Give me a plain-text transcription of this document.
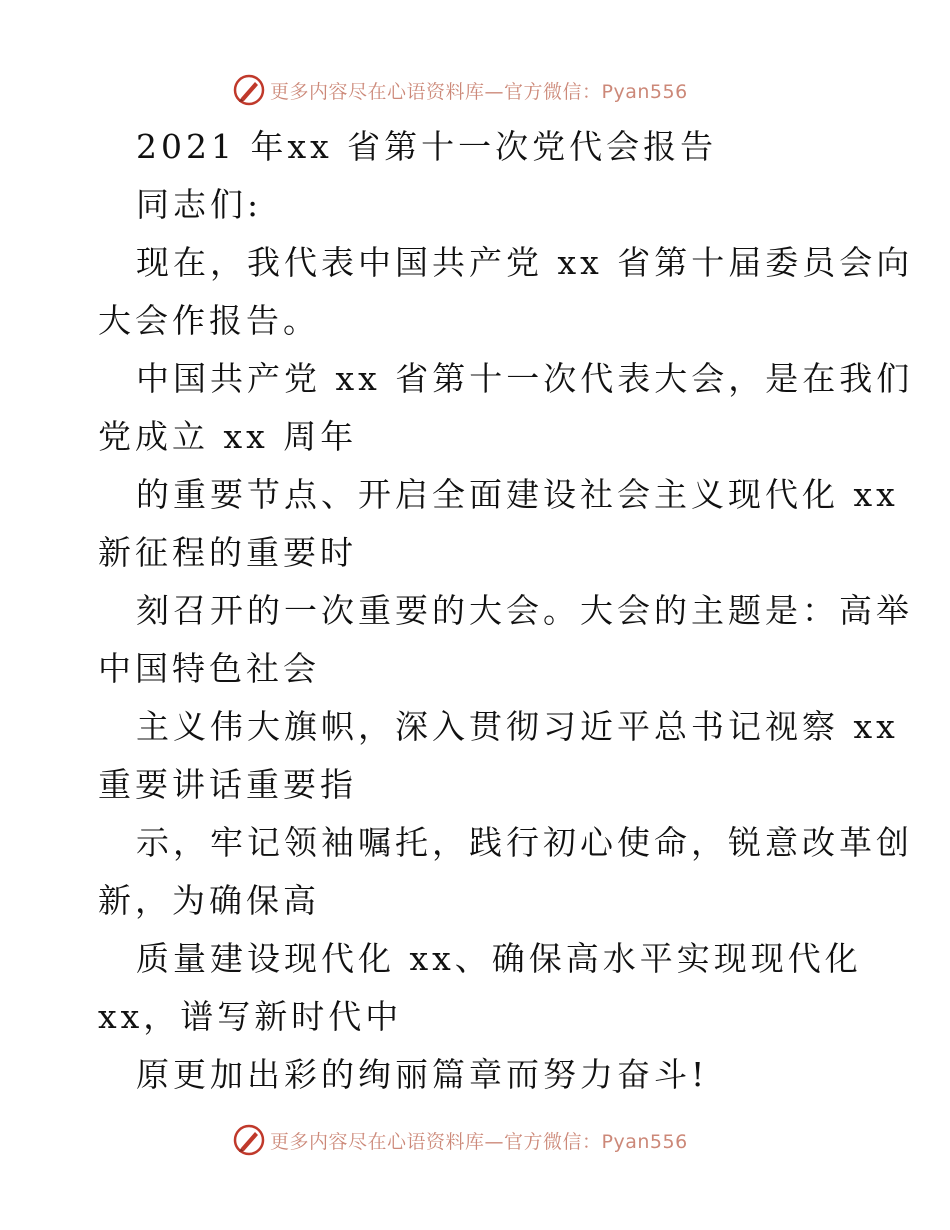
更多内容尽在心语资料库—官方微信：Pyan556
2021 年xx 省第十一次党代会报告
同志们:
现在，我代表中国共产党 xx 省第十届委员会向
大会作报告。
中国共产党 xx 省第十一次代表大会，是在我们
党成立 xx 周年
的重要节点、开启全面建设社会主义现代化 xx
新征程的重要时
刻召开的一次重要的大会。大会的主题是：高举
中国特色社会
主义伟大旗帜，深入贯彻习近平总书记视察 xx
重要讲话重要指
示，牢记领袖嘱托，践行初心使命，锐意改革创
新，为确保高
质量建设现代化 xx、确保高水平实现现代化
xx，谱写新时代中
原更加出彩的绚丽篇章而努力奋斗!
更多内容尽在心语资料库—官方微信：Pyan556
